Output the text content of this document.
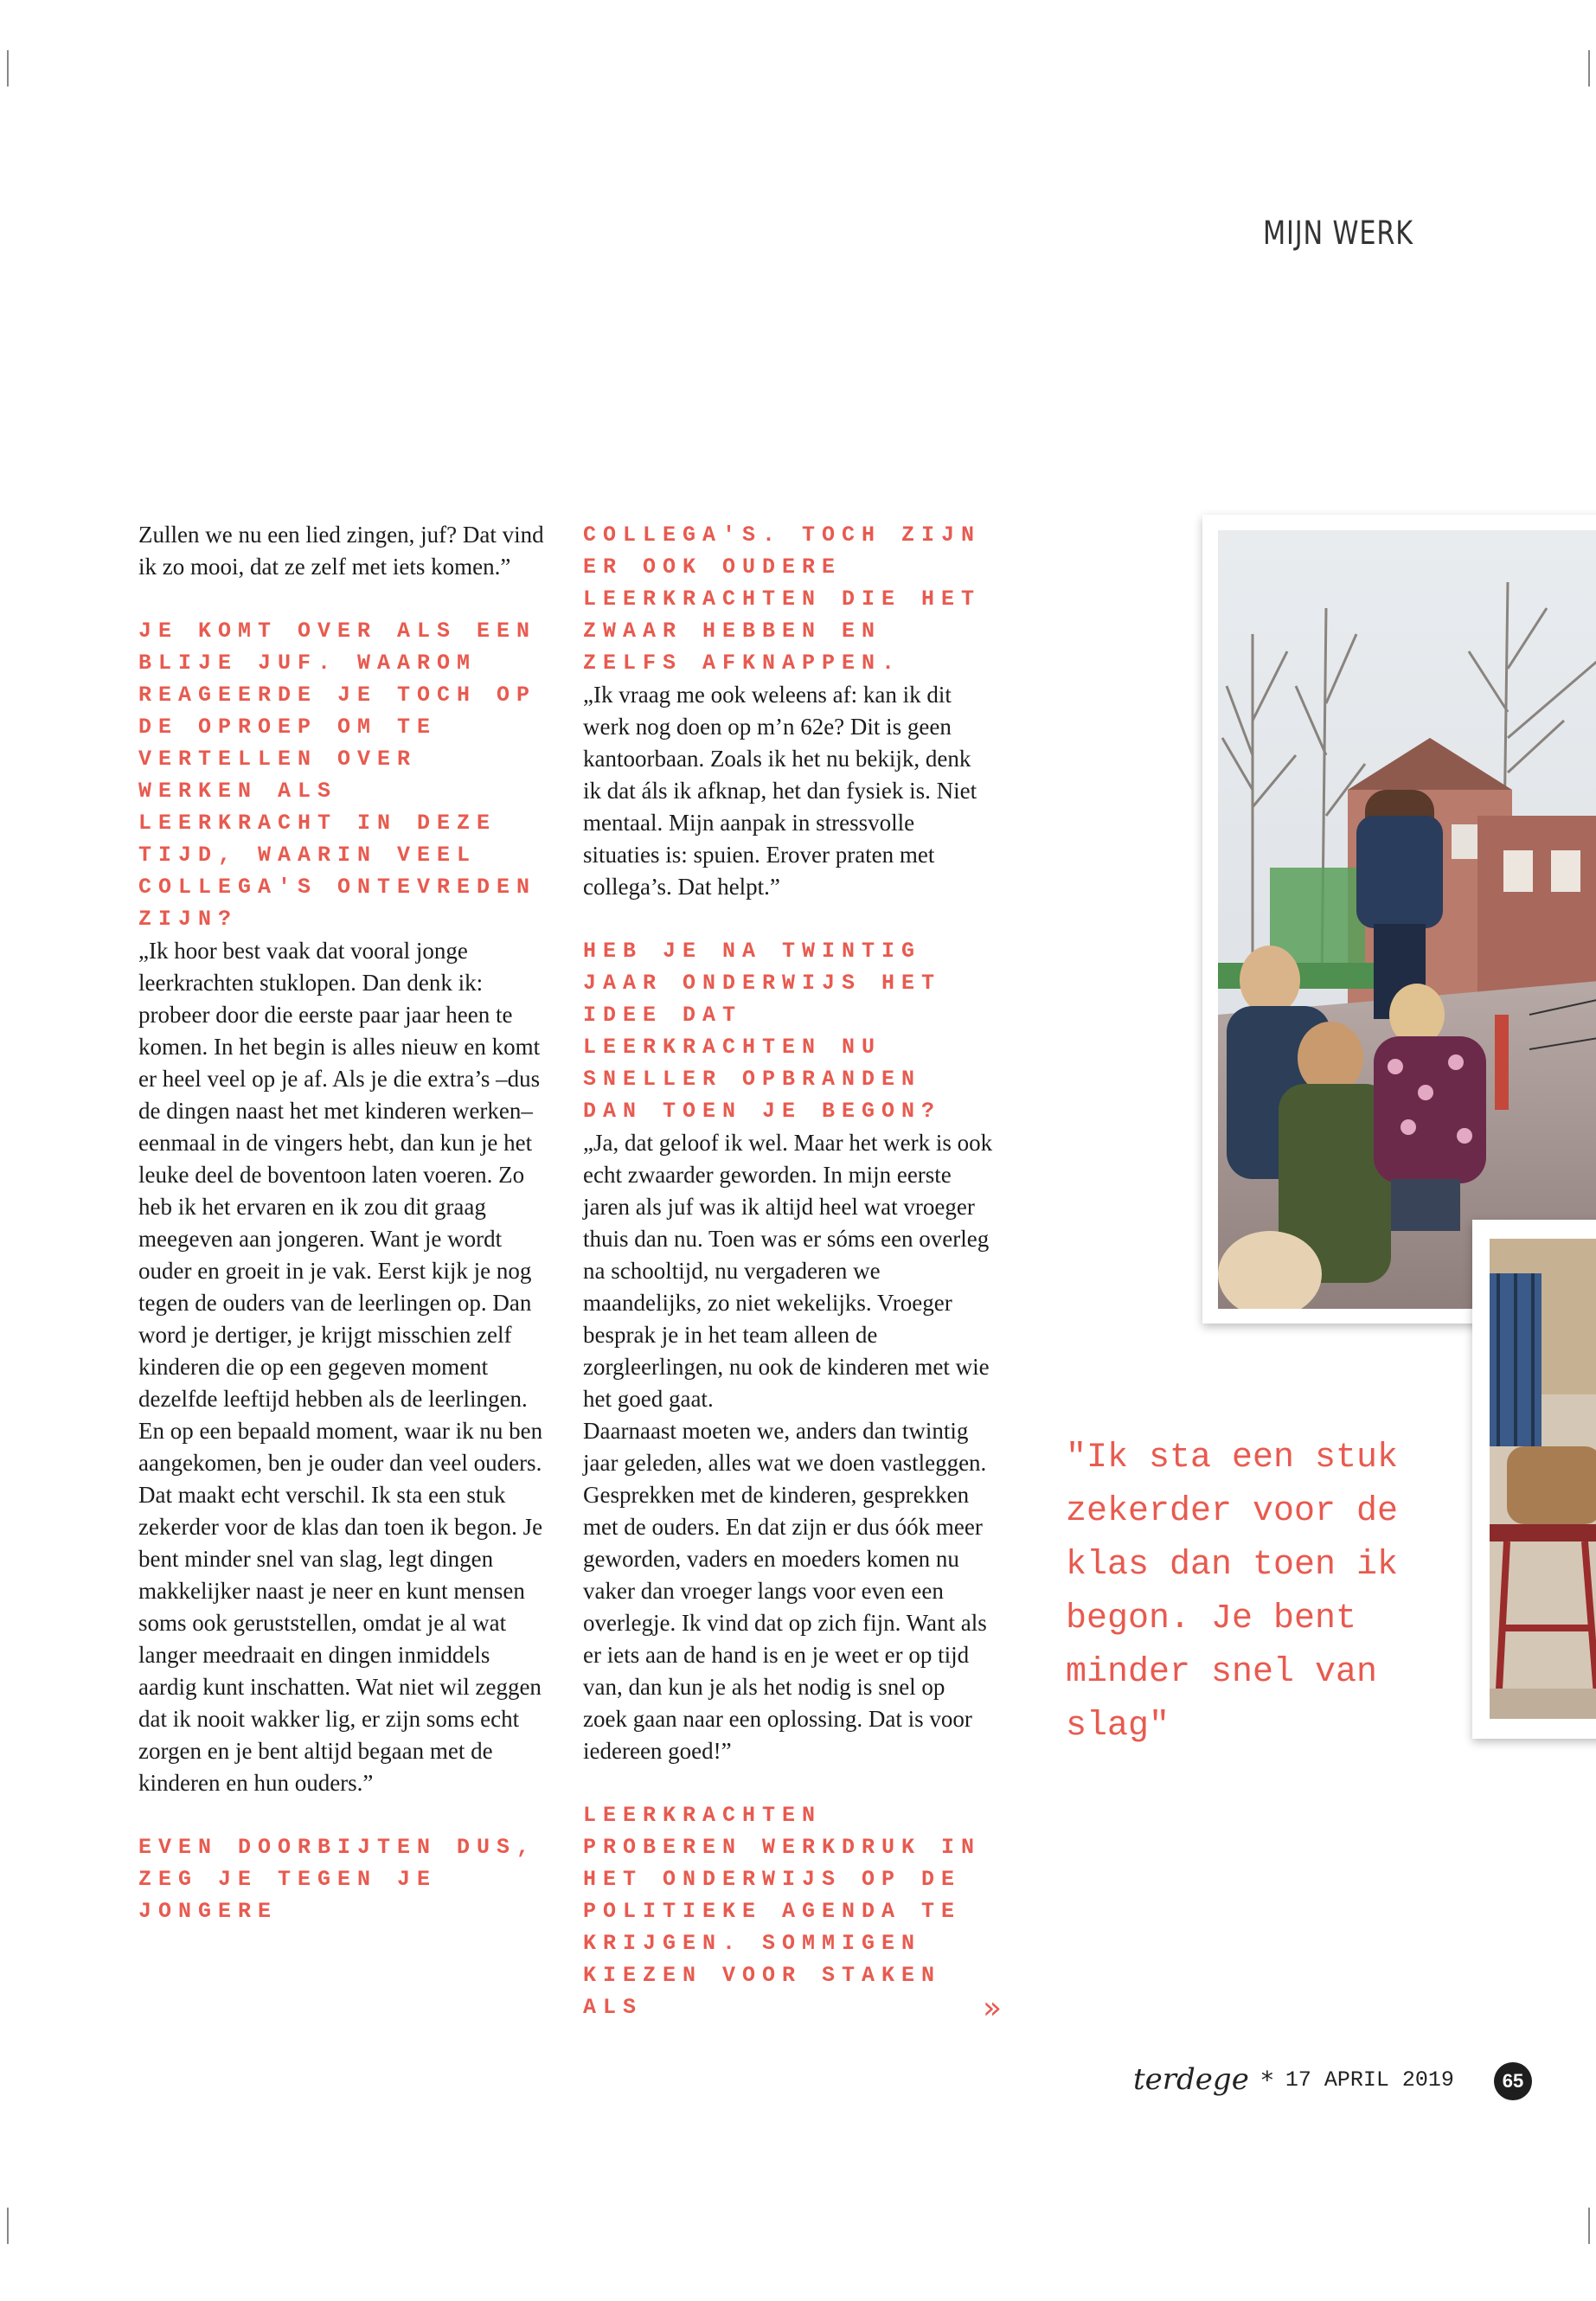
MIJN WERK

Zullen we nu een lied zingen, juf? Dat vind ik zo mooi, dat ze zelf met iets komen.”

JE KOMT OVER ALS EEN BLIJE JUF. WAAROM REAGEERDE JE TOCH OP DE OPROEP OM TE VERTELLEN OVER WERKEN ALS LEERKRACHT IN DEZE TIJD, WAARIN VEEL COLLEGA'S ONTEVREDEN ZIJN?

„Ik hoor best vaak dat vooral jonge leerkrachten stuklopen. Dan denk ik: probeer door die eerste paar jaar heen te komen. In het begin is alles nieuw en komt er heel veel op je af. Als je die extra’s –dus de dingen naast het met kinderen werken– eenmaal in de vingers hebt, dan kun je het leuke deel de boventoon laten voeren. Zo heb ik het ervaren en ik zou dit graag meegeven aan jongeren. Want je wordt ouder en groeit in je vak. Eerst kijk je nog tegen de ouders van de leerlingen op. Dan word je dertiger, je krijgt misschien zelf kinderen die op een gegeven moment dezelfde leeftijd hebben als de leerlingen. En op een bepaald moment, waar ik nu ben aangekomen, ben je ouder dan veel ouders. Dat maakt echt verschil. Ik sta een stuk zekerder voor de klas dan toen ik begon. Je bent minder snel van slag, legt dingen makkelijker naast je neer en kunt mensen soms ook geruststellen, omdat je al wat langer meedraait en dingen inmiddels aardig kunt inschatten. Wat niet wil zeggen dat ik nooit wakker lig, er zijn soms echt zorgen en je bent altijd begaan met de kinderen en hun ouders.”

EVEN DOORBIJTEN DUS, ZEG JE TEGEN JE JONGERE

COLLEGA'S. TOCH ZIJN ER OOK OUDERE LEERKRACHTEN DIE HET ZWAAR HEBBEN EN ZELFS AFKNAPPEN.

„Ik vraag me ook weleens af: kan ik dit werk nog doen op m’n 62e? Dit is geen kantoorbaan. Zoals ik het nu bekijk, denk ik dat áls ik afknap, het dan fysiek is. Niet mentaal. Mijn aanpak in stressvolle situaties is: spuien. Erover praten met collega’s. Dat helpt.”

HEB JE NA TWINTIG JAAR ONDERWIJS HET IDEE DAT LEERKRACHTEN NU SNELLER OPBRANDEN DAN TOEN JE BEGON?

„Ja, dat geloof ik wel. Maar het werk is ook echt zwaarder geworden. In mijn eerste jaren als juf was ik altijd heel wat vroeger thuis dan nu. Toen was er sóms een overleg na schooltijd, nu vergaderen we maandelijks, zo niet wekelijks. Vroeger besprak je in het team alleen de zorgleerlingen, nu ook de kinderen met wie het goed gaat.

Daarnaast moeten we, anders dan twintig jaar geleden, alles wat we doen vastleggen. Gesprekken met de kinderen, gesprekken met de ouders. En dat zijn er dus óók meer geworden, vaders en moeders komen nu vaker dan vroeger langs voor even een overlegje. Ik vind dat op zich fijn. Want als er iets aan de hand is en je weet er op tijd van, dan kun je als het nodig is snel op zoek gaan naar een oplossing. Dat is voor iedereen goed!”

LEERKRACHTEN PROBEREN WERKDRUK IN HET ONDERWIJS OP DE POLITIEKE AGENDA TE KRIJGEN. SOMMIGEN KIEZEN VOOR STAKEN ALS

"Ik sta een stuk zekerder voor de klas dan toen ik begon. Je bent minder snel van slag"

»
terdege * 17 APRIL 2019	65
